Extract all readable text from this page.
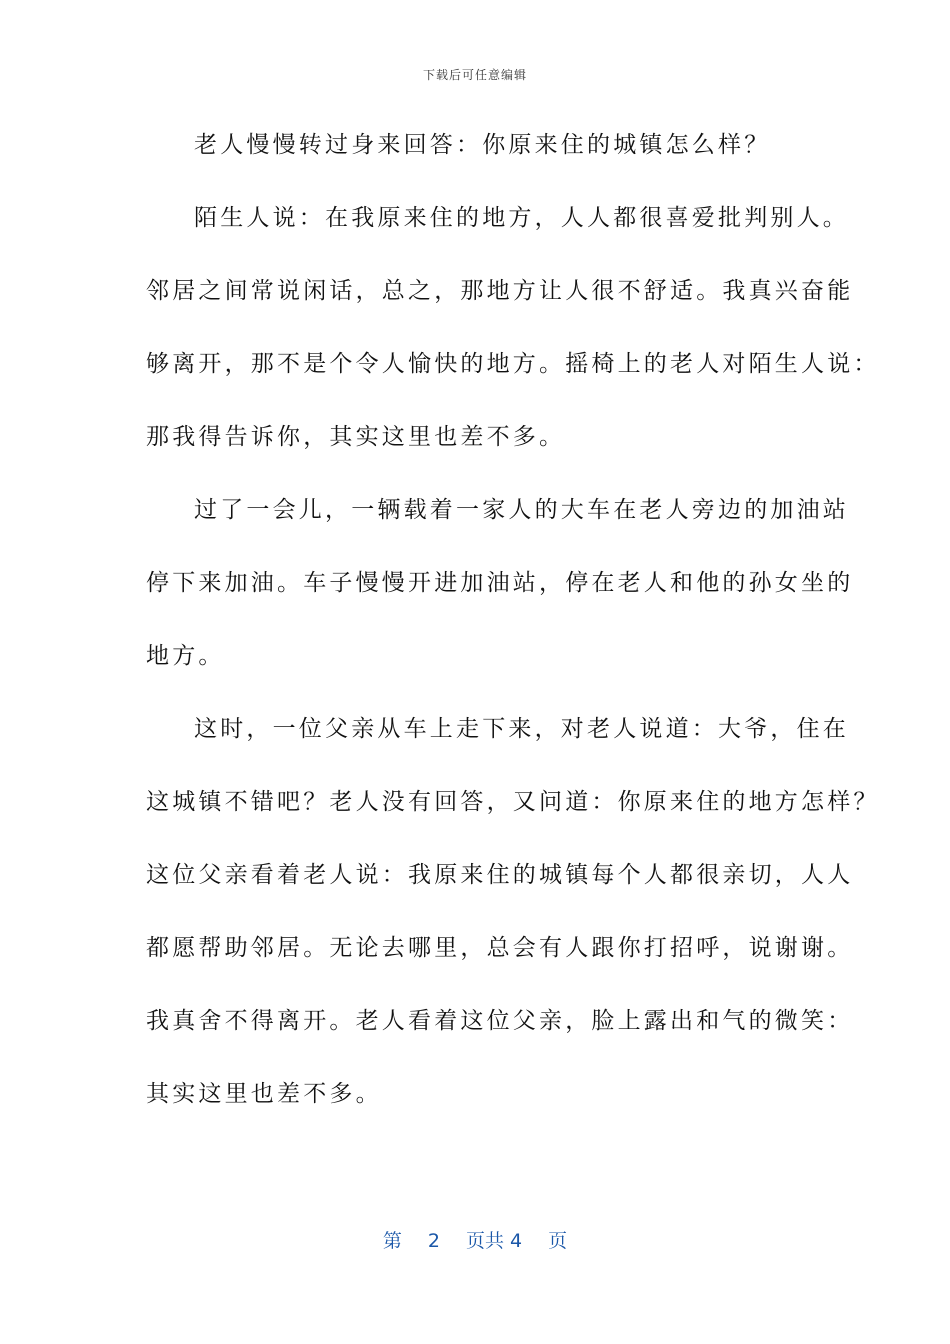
下载后可任意编辑
老人慢慢转过身来回答：你原来住的城镇怎么样？
陌生人说：在我原来住的地方，人人都很喜爱批判别人。
邻居之间常说闲话，总之，那地方让人很不舒适。我真兴奋能
够离开，那不是个令人愉快的地方。摇椅上的老人对陌生人说：
那我得告诉你，其实这里也差不多。
过了一会儿，一辆载着一家人的大车在老人旁边的加油站
停下来加油。车子慢慢开进加油站，停在老人和他的孙女坐的
地方。
这时，一位父亲从车上走下来，对老人说道：大爷，住在
这城镇不错吧？老人没有回答，又问道：你原来住的地方怎样？
这位父亲看着老人说：我原来住的城镇每个人都很亲切，人人
都愿帮助邻居。无论去哪里，总会有人跟你打招呼，说谢谢。
我真舍不得离开。老人看着这位父亲，脸上露出和气的微笑：
其实这里也差不多。
第 2 页共 4 页
